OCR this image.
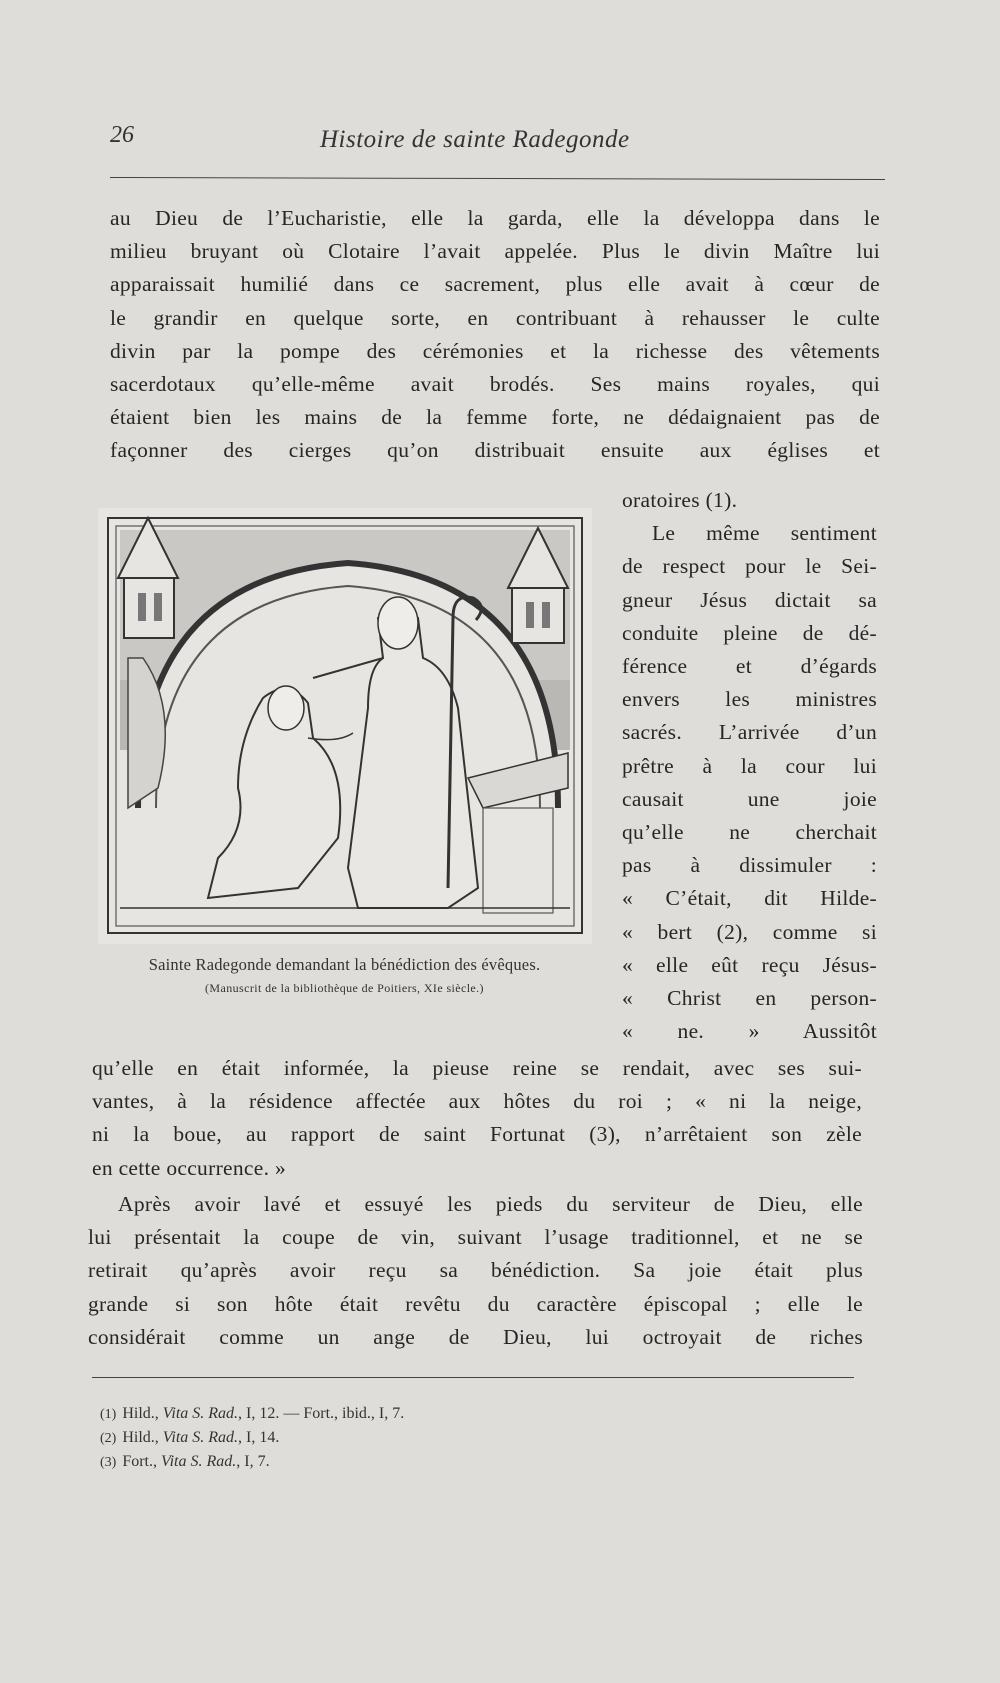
26	Histoire de sainte Radegonde
au Dieu de l’Eucharistie, elle la garda, elle la développa dans le
milieu bruyant où Clotaire l’avait appelée. Plus le divin Maître lui
apparaissait humilié dans ce sacrement, plus elle avait à cœur de
le grandir en quelque sorte, en contribuant à rehausser le culte
divin par la pompe des cérémonies et la richesse des vêtements
sacerdotaux qu’elle-même avait brodés. Ses mains royales, qui
étaient bien les mains de la femme forte, ne dédaignaient pas de
façonner des cierges qu’on distribuait ensuite aux églises et
Sainte Radegonde demandant la bénédiction des évêques.
(Manuscrit de la bibliothèque de Poitiers, XIe siècle.)
oratoires (1).
Le même sentiment
de respect pour le Sei-
gneur Jésus dictait sa
conduite pleine de dé-
férence et d’égards
envers les ministres
sacrés. L’arrivée d’un
prêtre à la cour lui
causait une joie
qu’elle ne cherchait
pas à dissimuler :
« C’était, dit Hilde-
« bert (2), comme si
« elle eût reçu Jésus-
« Christ en person-
« ne. » Aussitôt
qu’elle en était informée, la pieuse reine se rendait, avec ses sui-
vantes, à la résidence affectée aux hôtes du roi ; « ni la neige,
ni la boue, au rapport de saint Fortunat (3), n’arrêtaient son zèle
en cette occurrence. »
Après avoir lavé et essuyé les pieds du serviteur de Dieu, elle
lui présentait la coupe de vin, suivant l’usage traditionnel, et ne se
retirait qu’après avoir reçu sa bénédiction. Sa joie était plus
grande si son hôte était revêtu du caractère épiscopal ; elle le
considérait comme un ange de Dieu, lui octroyait de riches
(1) Hild., Vita S. Rad., I, 12. — Fort., ibid., I, 7.
(2) Hild., Vita S. Rad., I, 14.
(3) Fort., Vita S. Rad., I, 7.
